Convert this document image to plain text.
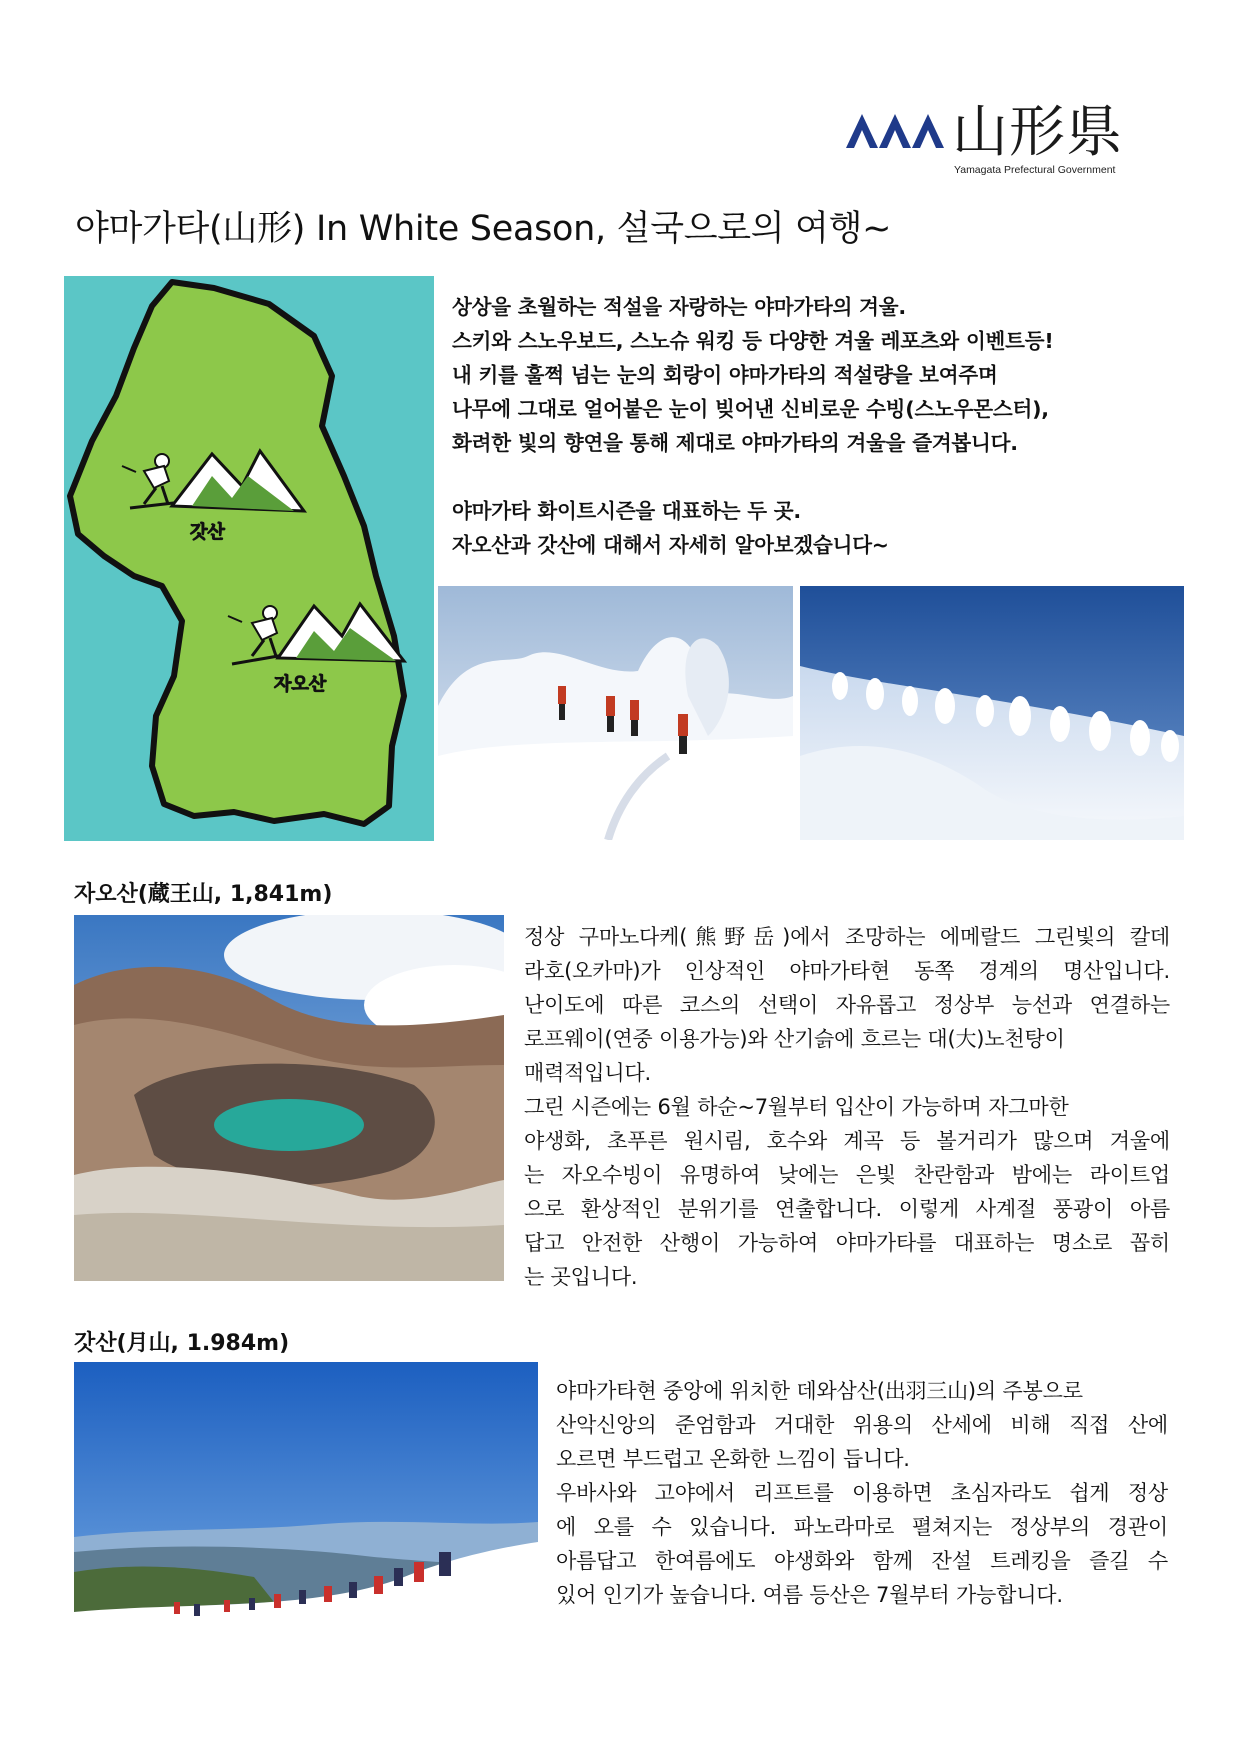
山形県
Yamagata Prefectural Government
야마가타(山形) In White Season, 설국으로의 여행~
갓산
자오산
상상을 초월하는 적설을 자랑하는 야마가타의 겨울.
스키와 스노우보드, 스노슈 워킹 등 다양한 겨울 레포츠와 이벤트등!
내 키를 훌쩍 넘는 눈의 회랑이 야마가타의 적설량을 보여주며
나무에 그대로 얼어붙은 눈이 빚어낸 신비로운 수빙(스노우몬스터),
화려한 빛의 향연을 통해 제대로 야마가타의 겨울을 즐겨봅니다.
야마가타 화이트시즌을 대표하는 두 곳.
자오산과 갓산에 대해서 자세히 알아보겠습니다~
자오산(蔵王山, 1,841m)
정상 구마노다케(熊野岳)에서 조망하는 에메랄드 그린빛의 칼데
라호(오카마)가 인상적인 야마가타현 동쪽 경계의 명산입니다.
난이도에 따른 코스의 선택이 자유롭고 정상부 능선과 연결하는
로프웨이(연중 이용가능)와 산기슭에 흐르는 대(大)노천탕이
매력적입니다.
그린 시즌에는 6월 하순~7월부터 입산이 가능하며 자그마한
야생화, 초푸른 원시림, 호수와 계곡 등 볼거리가 많으며 겨울에
는 자오수빙이 유명하여 낮에는 은빛 찬란함과 밤에는 라이트업
으로 환상적인 분위기를 연출합니다. 이렇게 사계절 풍광이 아름
답고 안전한 산행이 가능하여 야마가타를 대표하는 명소로 꼽히
는 곳입니다.
갓산(月山, 1.984m)
야마가타현 중앙에 위치한 데와삼산(出羽三山)의 주봉으로
산악신앙의 준엄함과 거대한 위용의 산세에 비해 직접 산에
오르면 부드럽고 온화한 느낌이 듭니다.
우바사와 고야에서 리프트를 이용하면 초심자라도 쉽게 정상
에 오를 수 있습니다. 파노라마로 펼쳐지는 정상부의 경관이
아름답고 한여름에도 야생화와 함께 잔설 트레킹을 즐길 수
있어 인기가 높습니다. 여름 등산은 7월부터 가능합니다.
